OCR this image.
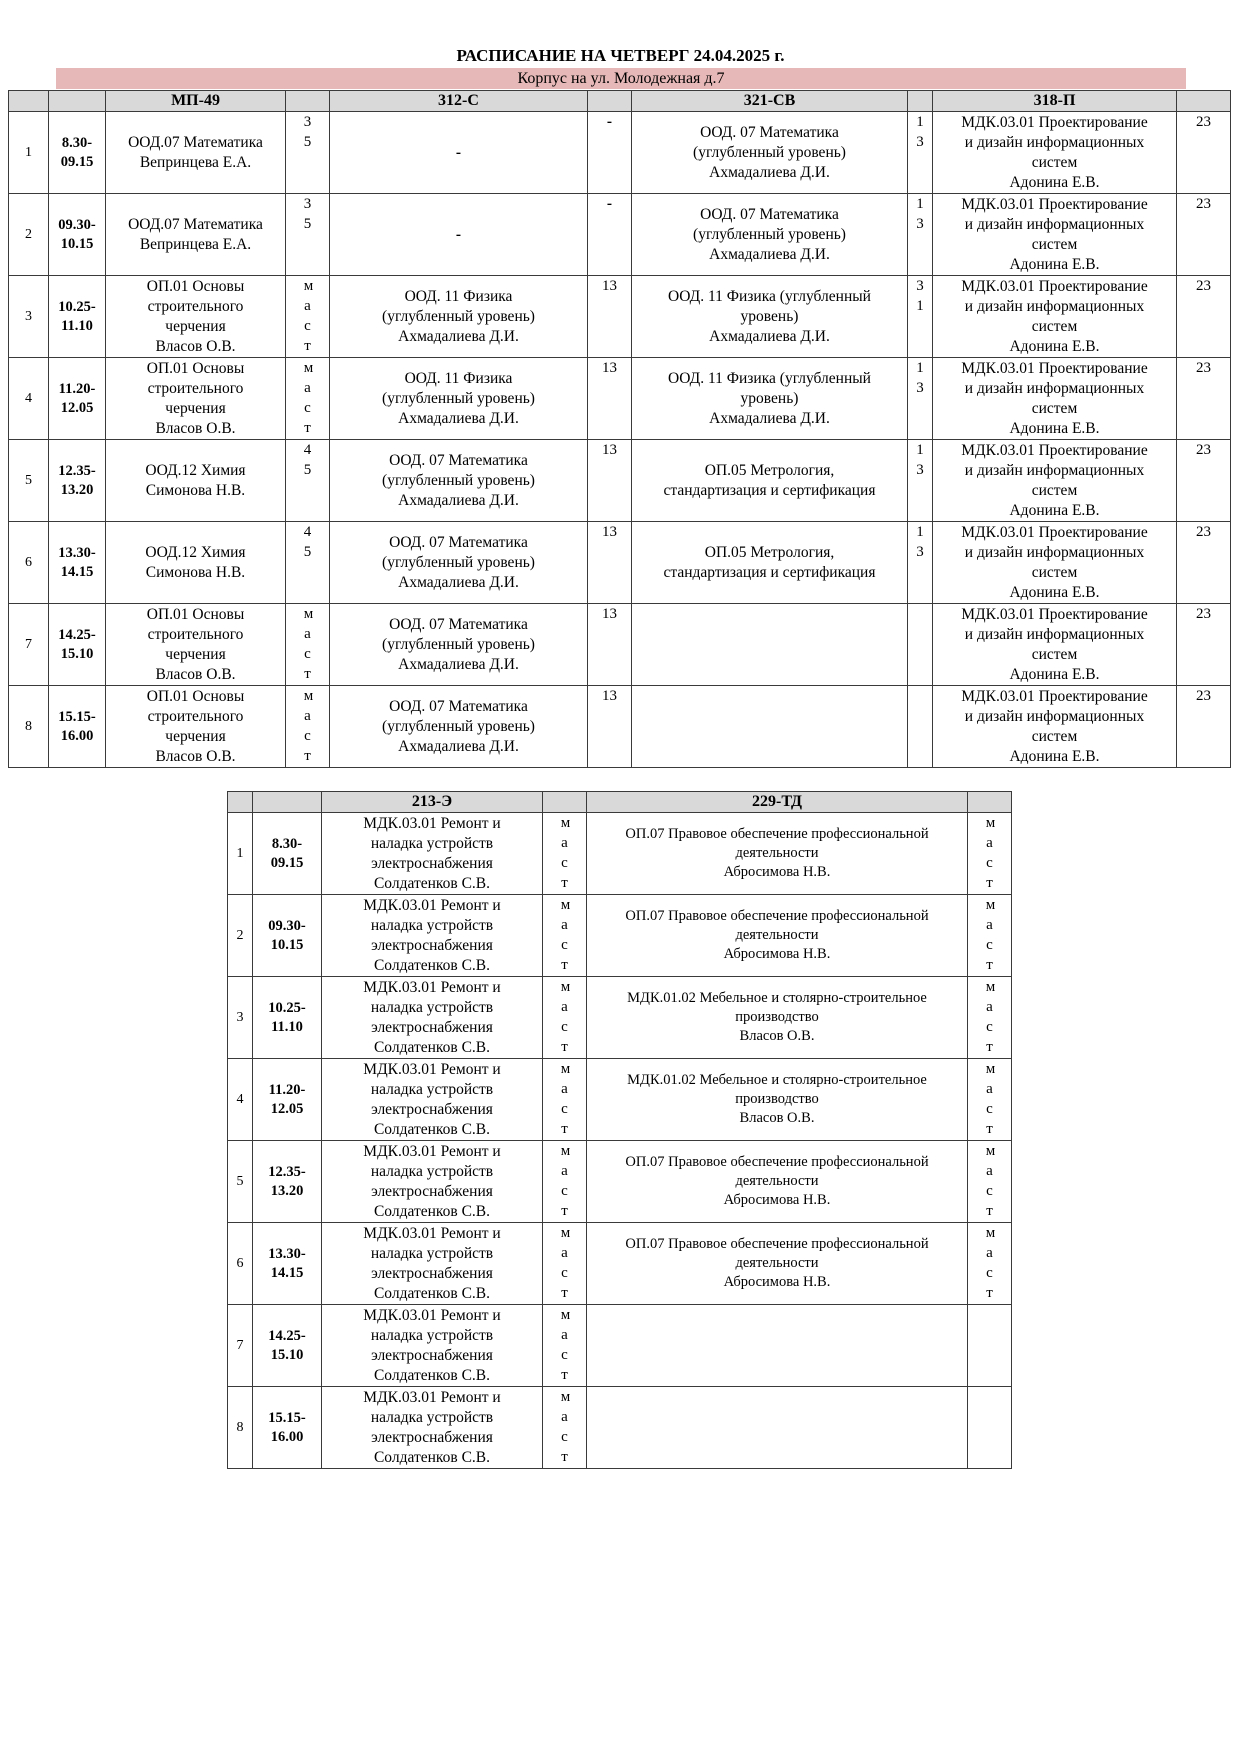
РАСПИСАНИЕ НА ЧЕТВЕРГ 24.04.2025 г.
Корпус на ул. Молодежная д.7
		МП-49		312-С		321-СВ		318-П	
1	8.30-
09.15	ООД.07 Математика
Вепринцева Е.А.	35	-	-	ООД. 07 Математика
(углубленный уровень)
Ахмадалиева Д.И.	13	МДК.03.01 Проектирование
и дизайн информационных
систем
Адонина Е.В.	23
2	09.30-
10.15	ООД.07 Математика
Вепринцева Е.А.	35	-	-	ООД. 07 Математика
(углубленный уровень)
Ахмадалиева Д.И.	13	МДК.03.01 Проектирование
и дизайн информационных
систем
Адонина Е.В.	23
3	10.25-
11.10	ОП.01 Основы
строительного
черчения
Власов О.В.	маст	ООД. 11 Физика
(углубленный уровень)
Ахмадалиева Д.И.	13	ООД. 11 Физика (углубленный
уровень)
Ахмадалиева Д.И.	31	МДК.03.01 Проектирование
и дизайн информационных
систем
Адонина Е.В.	23
4	11.20-
12.05	ОП.01 Основы
строительного
черчения
Власов О.В.	маст	ООД. 11 Физика
(углубленный уровень)
Ахмадалиева Д.И.	13	ООД. 11 Физика (углубленный
уровень)
Ахмадалиева Д.И.	13	МДК.03.01 Проектирование
и дизайн информационных
систем
Адонина Е.В.	23
5	12.35-
13.20	ООД.12 Химия
Симонова Н.В.	45	ООД. 07 Математика
(углубленный уровень)
Ахмадалиева Д.И.	13	ОП.05 Метрология,
стандартизация и сертификация	13	МДК.03.01 Проектирование
и дизайн информационных
систем
Адонина Е.В.	23
6	13.30-
14.15	ООД.12 Химия
Симонова Н.В.	45	ООД. 07 Математика
(углубленный уровень)
Ахмадалиева Д.И.	13	ОП.05 Метрология,
стандартизация и сертификация	13	МДК.03.01 Проектирование
и дизайн информационных
систем
Адонина Е.В.	23
7	14.25-
15.10	ОП.01 Основы
строительного
черчения
Власов О.В.	маст	ООД. 07 Математика
(углубленный уровень)
Ахмадалиева Д.И.	13			МДК.03.01 Проектирование
и дизайн информационных
систем
Адонина Е.В.	23
8	15.15-
16.00	ОП.01 Основы
строительного
черчения
Власов О.В.	маст	ООД. 07 Математика
(углубленный уровень)
Ахмадалиева Д.И.	13			МДК.03.01 Проектирование
и дизайн информационных
систем
Адонина Е.В.	23
		213-Э		229-ТД	
1	8.30-
09.15	МДК.03.01 Ремонт и
наладка устройств
электроснабжения
Солдатенков С.В.	маст	ОП.07 Правовое обеспечение профессиональной
деятельности
Абросимова Н.В.	маст

2	09.30-
10.15	МДК.03.01 Ремонт и
наладка устройств
электроснабжения
Солдатенков С.В.	маст	ОП.07 Правовое обеспечение профессиональной
деятельности
Абросимова Н.В.	маст

3	10.25-
11.10	МДК.03.01 Ремонт и
наладка устройств
электроснабжения
Солдатенков С.В.	маст	МДК.01.02 Мебельное и столярно-строительное
производство
Власов О.В.	маст

4	11.20-
12.05	МДК.03.01 Ремонт и
наладка устройств
электроснабжения
Солдатенков С.В.	маст	МДК.01.02 Мебельное и столярно-строительное
производство
Власов О.В.	маст

5	12.35-
13.20	МДК.03.01 Ремонт и
наладка устройств
электроснабжения
Солдатенков С.В.	маст	ОП.07 Правовое обеспечение профессиональной
деятельности
Абросимова Н.В.	маст

6	13.30-
14.15	МДК.03.01 Ремонт и
наладка устройств
электроснабжения
Солдатенков С.В.	маст	ОП.07 Правовое обеспечение профессиональной
деятельности
Абросимова Н.В.	маст

7	14.25-
15.10	МДК.03.01 Ремонт и
наладка устройств
электроснабжения
Солдатенков С.В.	маст		

8	15.15-
16.00	МДК.03.01 Ремонт и
наладка устройств
электроснабжения
Солдатенков С.В.	маст		
